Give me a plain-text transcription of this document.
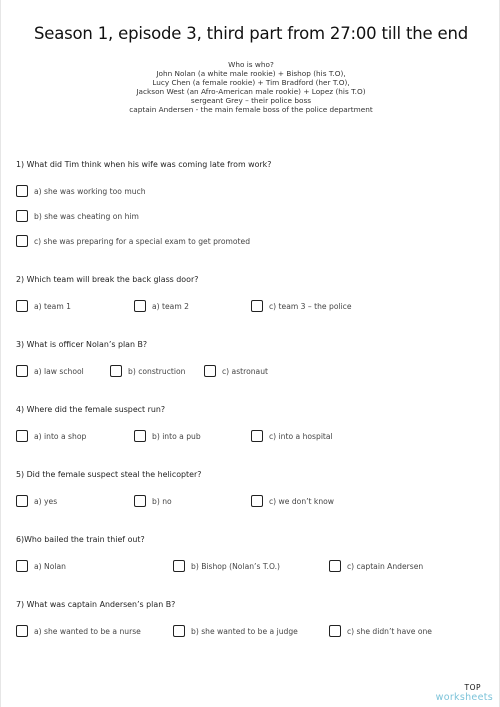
Season 1, episode 3, third part from 27:00 till the end
Who is who?
John Nolan (a white male rookie) + Bishop (his T.O),
Lucy Chen (a female rookie) + Tim Bradford (her T.O),
Jackson West (an Afro-American male rookie) + Lopez (his T.O)
sergeant Grey – their police boss
captain Andersen - the main female boss of the police department
1) What did Tim think when his wife was coming late from work?
a) she was working too much
b) she was cheating on him
c) she was preparing for a special exam to get promoted
2) Which team will break the back glass door?
a) team 1	a) team 2	c) team 3 – the police
3) What is officer Nolan’s plan B?
a) law school	b) construction	c) astronaut
4) Where did the female suspect run?
a) into a shop	b) into a pub	c) into a hospital
5) Did the female suspect steal the helicopter?
a) yes	b) no	c) we don’t know
6)Who bailed the train thief out?
a) Nolan	b) Bishop (Nolan’s T.O.)	c) captain Andersen
7) What was captain Andersen’s plan B?
a) she wanted to be a nurse	b) she wanted to be a judge	c) she didn’t have one
TOP
worksheets
